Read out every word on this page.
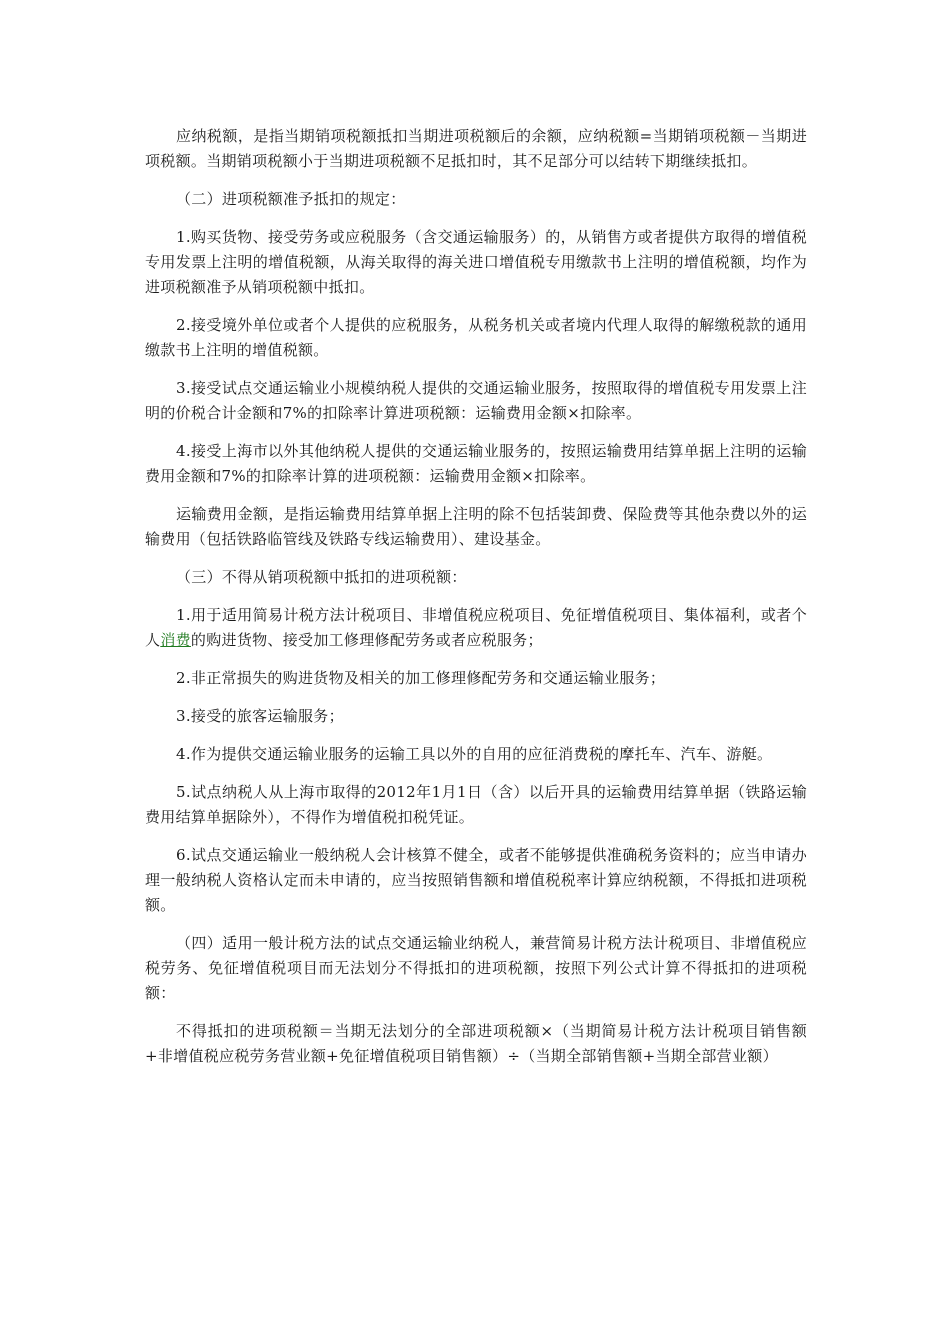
应纳税额，是指当期销项税额抵扣当期进项税额后的余额，应纳税额=当期销项税额－当期进项税额。当期销项税额小于当期进项税额不足抵扣时，其不足部分可以结转下期继续抵扣。

（二）进项税额准予抵扣的规定：

1.购买货物、接受劳务或应税服务（含交通运输服务）的，从销售方或者提供方取得的增值税专用发票上注明的增值税额，从海关取得的海关进口增值税专用缴款书上注明的增值税额，均作为进项税额准予从销项税额中抵扣。

2.接受境外单位或者个人提供的应税服务，从税务机关或者境内代理人取得的解缴税款的通用缴款书上注明的增值税额。

3.接受试点交通运输业小规模纳税人提供的交通运输业服务，按照取得的增值税专用发票上注明的价税合计金额和7%的扣除率计算进项税额：运输费用金额×扣除率。

4.接受上海市以外其他纳税人提供的交通运输业服务的，按照运输费用结算单据上注明的运输费用金额和7%的扣除率计算的进项税额：运输费用金额×扣除率。

运输费用金额，是指运输费用结算单据上注明的除不包括装卸费、保险费等其他杂费以外的运输费用（包括铁路临管线及铁路专线运输费用）、建设基金。

（三）不得从销项税额中抵扣的进项税额：

1.用于适用简易计税方法计税项目、非增值税应税项目、免征增值税项目、集体福利，或者个人消费的购进货物、接受加工修理修配劳务或者应税服务；

2.非正常损失的购进货物及相关的加工修理修配劳务和交通运输业服务；

3.接受的旅客运输服务；

4.作为提供交通运输业服务的运输工具以外的自用的应征消费税的摩托车、汽车、游艇。

5.试点纳税人从上海市取得的2012年1月1日（含）以后开具的运输费用结算单据（铁路运输费用结算单据除外），不得作为增值税扣税凭证。

6.试点交通运输业一般纳税人会计核算不健全，或者不能够提供准确税务资料的；应当申请办理一般纳税人资格认定而未申请的，应当按照销售额和增值税税率计算应纳税额，不得抵扣进项税额。

（四）适用一般计税方法的试点交通运输业纳税人，兼营简易计税方法计税项目、非增值税应税劳务、免征增值税项目而无法划分不得抵扣的进项税额，按照下列公式计算不得抵扣的进项税额：

不得抵扣的进项税额＝当期无法划分的全部进项税额×（当期简易计税方法计税项目销售额+非增值税应税劳务营业额+免征增值税项目销售额）÷（当期全部销售额+当期全部营业额）
